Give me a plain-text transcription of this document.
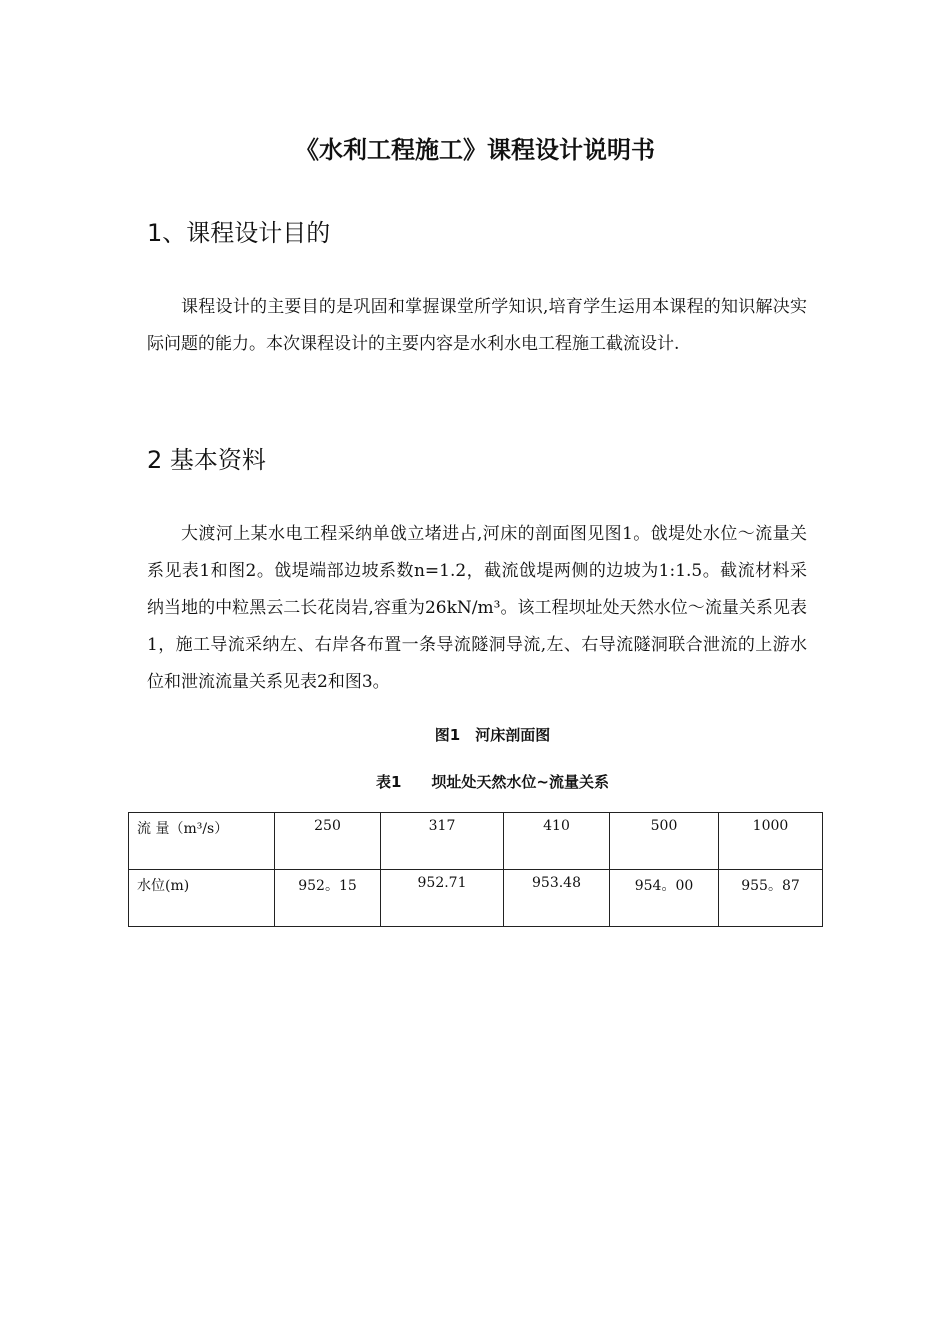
《水利工程施工》课程设计说明书
1、课程设计目的

课程设计的主要目的是巩固和掌握课堂所学知识,培育学生运用本课程的知识解决实际问题的能力。本次课程设计的主要内容是水利水电工程施工截流设计.

2 基本资料

大渡河上某水电工程采纳单戗立堵进占,河床的剖面图见图1。戗堤处水位～流量关系见表1和图2。戗堤端部边坡系数n=1.2，截流戗堤两侧的边坡为1:1.5。截流材料采纳当地的中粒黑云二长花岗岩,容重为26kN/m³。该工程坝址处天然水位～流量关系见表1，施工导流采纳左、右岸各布置一条导流隧洞导流,左、右导流隧洞联合泄流的上游水位和泄流流量关系见表2和图3。

图1　河床剖面图
表1　　坝址处天然水位~流量关系
流 量（m³/s）	250	317	410	500	1000
水位(m)	952。15	952.71	953.48	954。00	955。87
